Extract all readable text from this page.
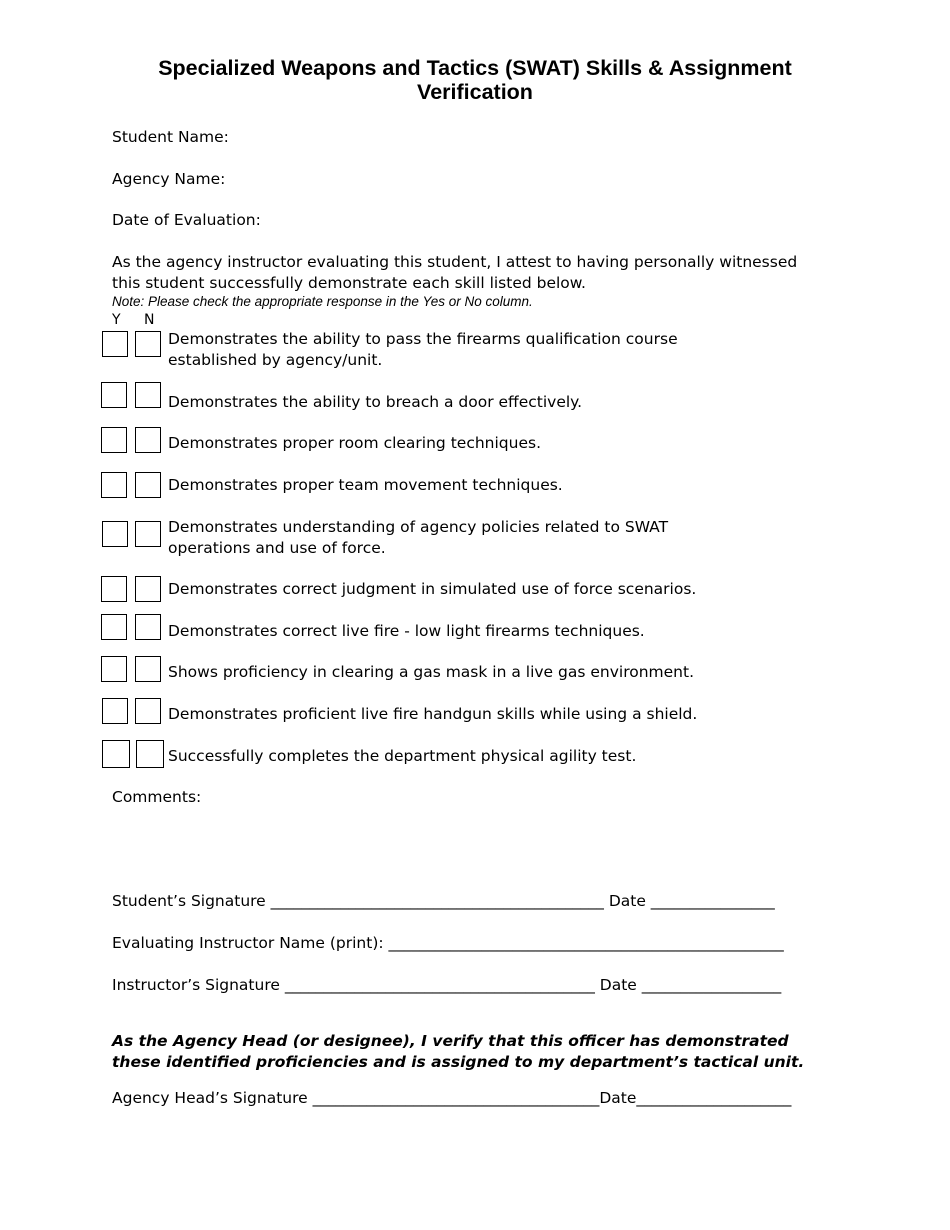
Specialized Weapons and Tactics (SWAT) Skills & Assignment Verification
Student Name:
Agency Name:
Date of Evaluation:
As the agency instructor evaluating this student, I attest to having personally witnessed this student successfully demonstrate each skill listed below.
Note: Please check the appropriate response in the Yes or No column.
Y N
Demonstrates the ability to pass the firearms qualification course established by agency/unit.
Demonstrates the ability to breach a door effectively.
Demonstrates proper room clearing techniques.
Demonstrates proper team movement techniques.
Demonstrates understanding of agency policies related to SWAT operations and use of force.
Demonstrates correct judgment in simulated use of force scenarios.
Demonstrates correct live fire - low light firearms techniques.
Shows proficiency in clearing a gas mask in a live gas environment.
Demonstrates proficient live fire handgun skills while using a shield.
Successfully completes the department physical agility test.
Comments:
Student’s Signature ___________________________________________ Date ________________
Evaluating Instructor Name (print): ___________________________________________________
Instructor’s Signature ________________________________________ Date __________________
As the Agency Head (or designee), I verify that this officer has demonstrated these identified proficiencies and is assigned to my department’s tactical unit.
Agency Head’s Signature _____________________________________Date____________________
